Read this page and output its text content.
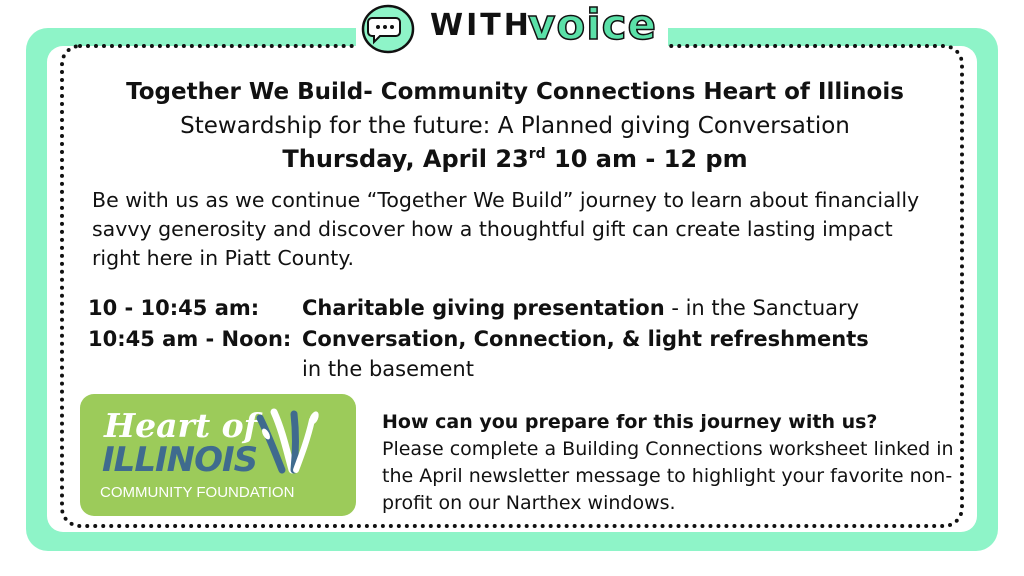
WITH
voice

Together We Build- Community Connections Heart of Illinois

Stewardship for the future: A Planned giving Conversation

Thursday, April 23rd 10 am - 12 pm

Be with us as we continue “Together We Build” journey to learn about financially savvy generosity and discover how a thoughtful gift can create lasting impact right here in Piatt County.

10 - 10:45 am: Charitable giving presentation - in the Sanctuary
10:45 am - Noon: Conversation, Connection, & light refreshments
in the basement
Heart of
ILLINOIS
COMMUNITY FOUNDATION

How can you prepare for this journey with us?

Please complete a Building Connections worksheet linked in the April newsletter message to highlight your favorite non-profit on our Narthex windows.
